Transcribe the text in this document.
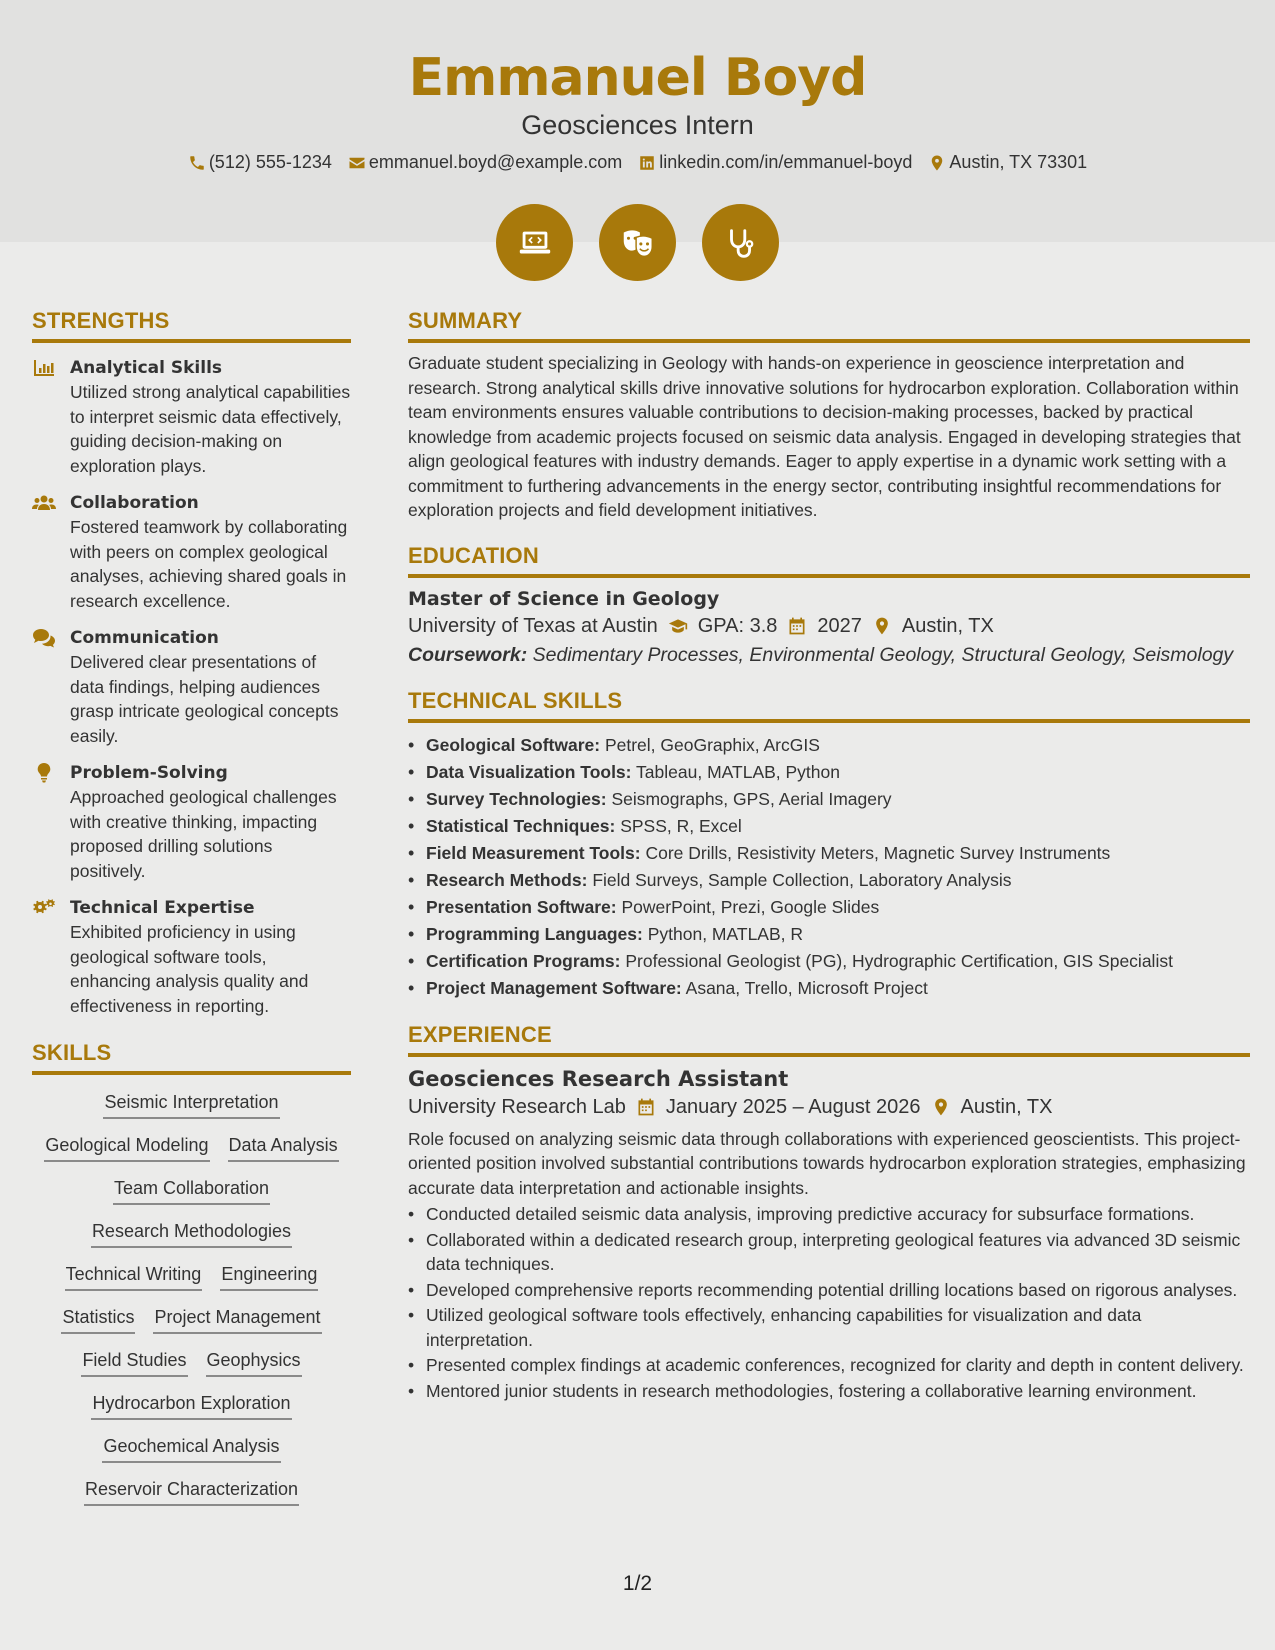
Emmanuel Boyd
Geosciences Intern
(512) 555-1234 emmanuel.boyd@example.com linkedin.com/in/emmanuel-boyd Austin, TX 73301
STRENGTHS
Analytical Skills
Utilized strong analytical capabilities to interpret seismic data effectively, guiding decision-making on exploration plays.
Collaboration
Fostered teamwork by collaborating with peers on complex geological analyses, achieving shared goals in research excellence.
Communication
Delivered clear presentations of data findings, helping audiences grasp intricate geological concepts easily.
Problem-Solving
Approached geological challenges with creative thinking, impacting proposed drilling solutions positively.
Technical Expertise
Exhibited proficiency in using geological software tools, enhancing analysis quality and effectiveness in reporting.
SKILLS
Seismic Interpretation
Geological Modeling Data Analysis
Team Collaboration
Research Methodologies
Technical Writing Engineering
Statistics Project Management
Field Studies Geophysics
Hydrocarbon Exploration
Geochemical Analysis
Reservoir Characterization
SUMMARY
Graduate student specializing in Geology with hands-on experience in geoscience interpretation and research. Strong analytical skills drive innovative solutions for hydrocarbon exploration. Collaboration within team environments ensures valuable contributions to decision-making processes, backed by practical knowledge from academic projects focused on seismic data analysis. Engaged in developing strategies that align geological features with industry demands. Eager to apply expertise in a dynamic work setting with a commitment to furthering advancements in the energy sector, contributing insightful recommendations for exploration projects and field development initiatives.
EDUCATION
Master of Science in Geology
University of Texas at Austin GPA: 3.8 2027 Austin, TX
Coursework: Sedimentary Processes, Environmental Geology, Structural Geology, Seismology
TECHNICAL SKILLS
• Geological Software: Petrel, GeoGraphix, ArcGIS
• Data Visualization Tools: Tableau, MATLAB, Python
• Survey Technologies: Seismographs, GPS, Aerial Imagery
• Statistical Techniques: SPSS, R, Excel
• Field Measurement Tools: Core Drills, Resistivity Meters, Magnetic Survey Instruments
• Research Methods: Field Surveys, Sample Collection, Laboratory Analysis
• Presentation Software: PowerPoint, Prezi, Google Slides
• Programming Languages: Python, MATLAB, R
• Certification Programs: Professional Geologist (PG), Hydrographic Certification, GIS Specialist
• Project Management Software: Asana, Trello, Microsoft Project
EXPERIENCE
Geosciences Research Assistant
University Research Lab January 2025 – August 2026 Austin, TX
Role focused on analyzing seismic data through collaborations with experienced geoscientists. This project-oriented position involved substantial contributions towards hydrocarbon exploration strategies, emphasizing accurate data interpretation and actionable insights.
• Conducted detailed seismic data analysis, improving predictive accuracy for subsurface formations.
• Collaborated within a dedicated research group, interpreting geological features via advanced 3D seismic data techniques.
• Developed comprehensive reports recommending potential drilling locations based on rigorous analyses.
• Utilized geological software tools effectively, enhancing capabilities for visualization and data interpretation.
• Presented complex findings at academic conferences, recognized for clarity and depth in content delivery.
• Mentored junior students in research methodologies, fostering a collaborative learning environment.
1/2
